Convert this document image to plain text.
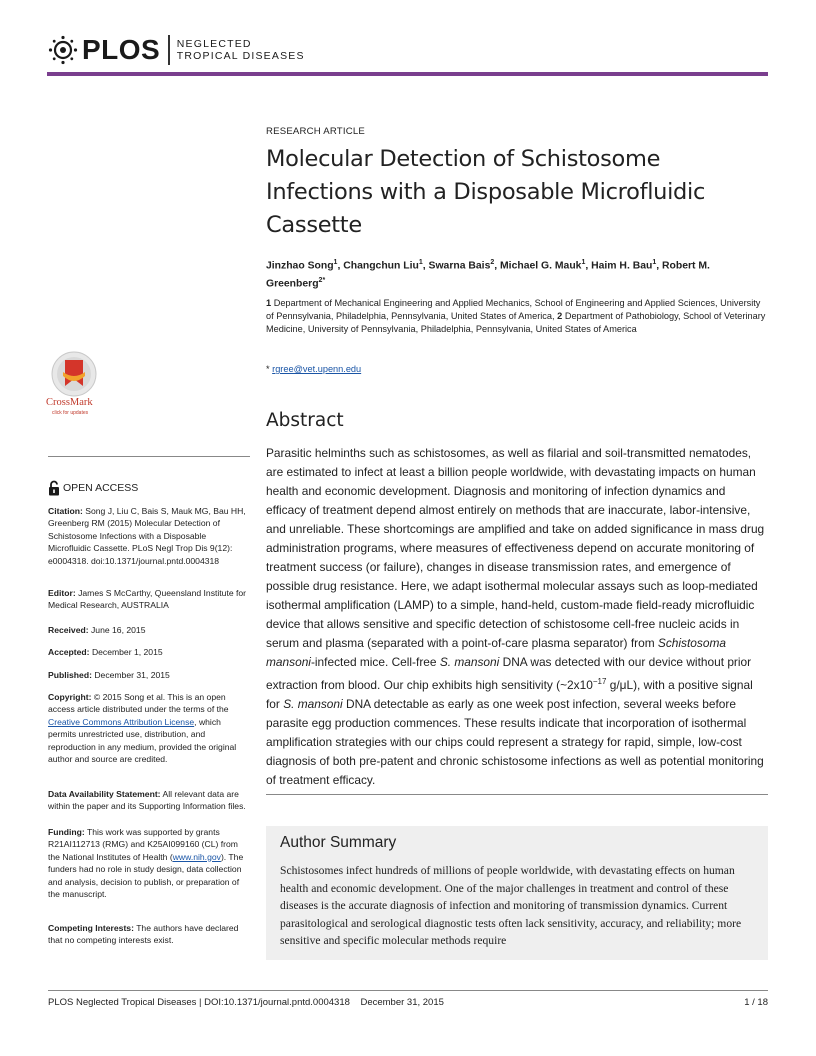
PLOS NEGLECTED
TROPICAL DISEASES
CrossMark
click for updates
OPEN ACCESS
Citation: Song J, Liu C, Bais S, Mauk MG, Bau HH, Greenberg RM (2015) Molecular Detection of Schistosome Infections with a Disposable Microfluidic Cassette. PLoS Negl Trop Dis 9(12): e0004318. doi:10.1371/journal.pntd.0004318
Editor: James S McCarthy, Queensland Institute for Medical Research, AUSTRALIA
Received: June 16, 2015
Accepted: December 1, 2015
Published: December 31, 2015
Copyright: © 2015 Song et al. This is an open access article distributed under the terms of the Creative Commons Attribution License, which permits unrestricted use, distribution, and reproduction in any medium, provided the original author and source are credited.
Data Availability Statement: All relevant data are within the paper and its Supporting Information files.
Funding: This work was supported by grants R21AI112713 (RMG) and K25AI099160 (CL) from the National Institutes of Health (www.nih.gov). The funders had no role in study design, data collection and analysis, decision to publish, or preparation of the manuscript.
Competing Interests: The authors have declared that no competing interests exist.
RESEARCH ARTICLE
Molecular Detection of Schistosome Infections with a Disposable Microfluidic Cassette
Jinzhao Song$^1$, Changchun Liu$^1$, Swarna Bais$^2$, Michael G. Mauk$^1$, Haim H. Bau$^1$, Robert M. Greenberg$^{2*}$
1 Department of Mechanical Engineering and Applied Mechanics, School of Engineering and Applied Sciences, University of Pennsylvania, Philadelphia, Pennsylvania, United States of America, 2 Department of Pathobiology, School of Veterinary Medicine, University of Pennsylvania, Philadelphia, Pennsylvania, United States of America
* rgree@vet.upenn.edu
Abstract
Parasitic helminths such as schistosomes, as well as filarial and soil-transmitted nematodes, are estimated to infect at least a billion people worldwide, with devastating impacts on human health and economic development. Diagnosis and monitoring of infection dynamics and efficacy of treatment depend almost entirely on methods that are inaccurate, labor-intensive, and unreliable. These shortcomings are amplified and take on added significance in mass drug administration programs, where measures of effectiveness depend on accurate monitoring of treatment success (or failure), changes in disease transmission rates, and emergence of possible drug resistance. Here, we adapt isothermal molecular assays such as loop-mediated isothermal amplification (LAMP) to a simple, hand-held, custom-made field-ready microfluidic device that allows sensitive and specific detection of schistosome cell-free nucleic acids in serum and plasma (separated with a point-of-care plasma separator) from Schistosoma mansoni-infected mice. Cell-free S. mansoni DNA was detected with our device without prior extraction from blood. Our chip exhibits high sensitivity ($\sim 2x10^{-17}$ g/μL), with a positive signal for S. mansoni DNA detectable as early as one week post infection, several weeks before parasite egg production commences. These results indicate that incorporation of isothermal amplification strategies with our chips could represent a strategy for rapid, simple, low-cost diagnosis of both pre-patent and chronic schistosome infections as well as potential monitoring of treatment efficacy.
Author Summary
Schistosomes infect hundreds of millions of people worldwide, with devastating effects on human health and economic development. One of the major challenges in treatment and control of these diseases is the accurate diagnosis of infection and monitoring of transmission dynamics. Current parasitological and serological diagnostic tests often lack sensitivity, accuracy, and reliability; more sensitive and specific molecular methods require
PLOS Neglected Tropical Diseases | DOI:10.1371/journal.pntd.0004318    December 31, 2015	1 / 18
